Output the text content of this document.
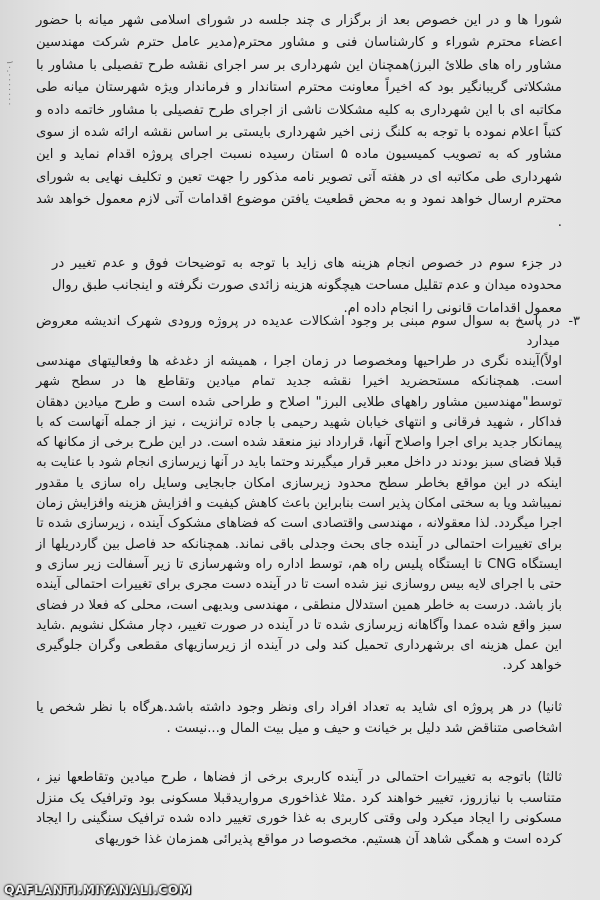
۱۰.۰۰۰۰۰۰۰

شورا ها و در این خصوص بعد از برگزار ی چند جلسه در شورای اسلامی شهر میانه با حضور اعضاء محترم شوراء و کارشناسان فنی و مشاور محترم(مدیر عامل حترم شرکت مهندسین مشاور راه های طلائ البرز)همچنان این شهرداری بر سر اجرای نقشه طرح تفصیلی با مشاور با مشکلاتی گریبانگیر بود که اخیراً معاونت محترم استاندار و فرماندار ویژه شهرستان میانه طی مکاتبه ای با این شهرداری به کلیه مشکلات ناشی از اجرای طرح تفصیلی با مشاور خاتمه داده و کتباً اعلام نموده با توجه به کلنگ زنی اخیر شهرداری بایستی بر اساس نقشه ارائه شده از سوی مشاور که به تصویب کمیسیون ماده ۵ استان رسیده نسبت اجرای پروژه اقدام نماید و این شهرداری طی مکاتبه ای در هفته آتی تصویر نامه مذکور را جهت تعین و تکلیف نهایی به شورای محترم ارسال خواهد نمود و به محض قطعیت یافتن موضوع اقدامات آتی لازم معمول خواهد شد .

در جزء سوم در خصوص انجام هزینه های زاید با توجه به توضیحات فوق و عدم تغییر در محدوده میدان و عدم تقلیل مساحت هیچگونه هزینه زائدی صورت نگرفته و اینجانب طبق روال معمول اقدامات قانونی را انجام داده ام.

۳-
در پاسخ به سوال سوم مبنی بر وجود اشکالات عدیده در پروژه ورودی شهرک اندیشه معروض میدارد

اولاً)آینده نگری در طراحیها ومخصوصا در زمان اجرا ، همیشه از دغدغه ها وفعالیتهای مهندسی است. همچنانکه مستحضرید اخیرا نقشه جدید تمام میادین وتقاطع ها در سطح شهر توسط"مهندسین مشاور راههای طلایی البرز" اصلاح و طراحی شده است و طرح میادین دهقان فداکار ، شهید فرقانی و انتهای خیابان شهید رحیمی با جاده ترانزیت ، نیز از جمله آنهاست که با پیمانکار جدید برای اجرا واصلاح آنها، قرارداد نیز منعقد شده است. در این طرح برخی از مکانها که قبلا فضای سبز بودند در داخل معبر قرار میگیرند وحتما باید در آنها زیرسازی انجام شود با عنایت به اینکه در این مواقع بخاطر سطح محدود زیرسازی امکان جابجایی وسایل راه سازی یا مقدور نمیباشد ویا به سختی امکان پذیر است بنابراین باعث کاهش کیفیت و افزایش هزینه وافزایش زمان اجرا میگردد. لذا معقولانه ، مهندسی واقتصادی است که فضاهای مشکوک آینده ، زیرسازی شده تا برای تغییرات احتمالی در آینده جای بحث وجدلی باقی نماند. همچنانکه حد فاصل بین گاردریلها از ایستگاه CNG تا ایستگاه پلیس راه هم، توسط اداره راه وشهرسازی تا زیر آسفالت زیر سازی و حتی با اجرای لایه بیس روسازی نیز شده است تا در آینده دست مجری برای تغییرات احتمالی آینده باز باشد. درست به خاطر همین استدلال منطقی ، مهندسی وبدیهی است، محلی که فعلا در فضای سبز واقع شده عمدا وآگاهانه زیرسازی شده تا در آینده در صورت تغییر، دچار مشکل نشویم .شاید این عمل هزینه ای برشهرداری تحمیل کند ولی در آینده از زیرسازیهای مقطعی وگران جلوگیری خواهد کرد.

ثانیا) در هر پروژه ای شاید به تعداد افراد رای ونظر وجود داشته باشد.هرگاه با نظر شخص یا اشخاصی متناقض شد دلیل بر خیانت و حیف و میل بیت المال و...نیست .

ثالثا) باتوجه به تغییرات احتمالی در آینده کاربری برخی از فضاها ، طرح میادین وتقاطعها نیز ، متناسب با نیازروز، تغییر خواهند کرد .مثلا غذاخوری مرواریدقبلا مسکونی بود وترافیک یک منزل مسکونی را ایجاد میکرد ولی وقتی کاربری به غذا خوری تغییر داده شده ترافیک سنگینی را ایجاد کرده است و همگی شاهد آن هستیم. مخصوصا در مواقع پذیرائی همزمان غذا خوریهای

QAFLANTI.MIYANALI.COM
